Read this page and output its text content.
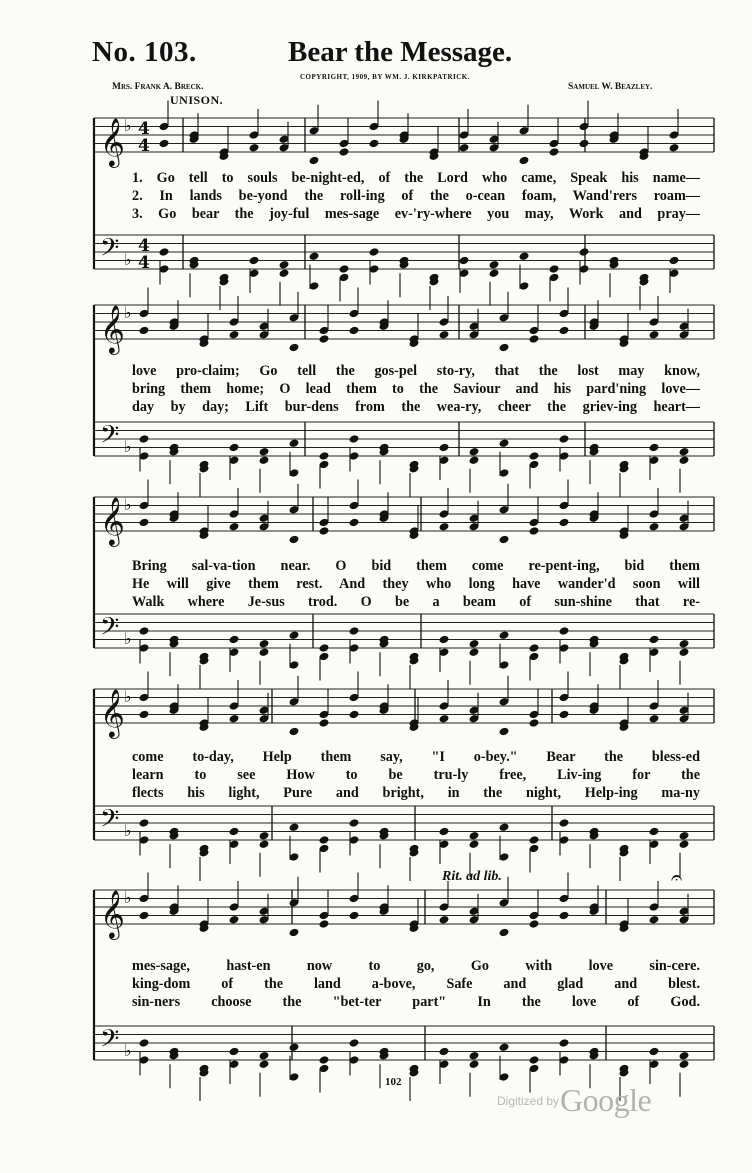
No. 103.	Bear the Message.
COPYRIGHT, 1909, BY WM. J. KIRKPATRICK.
Mrs. Frank A. Breck.	Samuel W. Beazley.
UNISON.
Rit. ad lib.
𝄞 ♭ 4
4
𝄢 ♭
4
4
𝄞 ♭
𝄢 ♭
𝄞 ♭
𝄢 ♭
𝄞 ♭
𝄢 ♭
𝄞 ♭
𝄢 ♭
𝄐
1. Go tell to souls be-night-ed, of the Lord who came, Speak his name—
2. In lands be-yond the roll-ing of the o-cean foam, Wand'rers roam—
3. Go bear the joy-ful mes-sage ev-'ry-where you may, Work and pray—
love pro-claim; Go tell the gos-pel sto-ry, that the lost may know,
bring them home; O lead them to the Saviour and his pard'ning love—
day by day; Lift bur-dens from the wea-ry, cheer the griev-ing heart—
Bring sal-va-tion near. O bid them come re-pent-ing, bid them
He will give them rest. And they who long have wander'd soon will
Walk where Je-sus trod. O be a beam of sun-shine that re-
come to-day, Help them say, "I o-bey." Bear the bless-ed
learn to see How to be tru-ly free, Liv-ing for the
flects his light, Pure and bright, in the night, Help-ing ma-ny
mes-sage, hast-en now to go, Go with love sin-cere.
king-dom of the land a-bove, Safe and glad and blest.
sin-ners choose the "bet-ter part" In the love of God.
102
Digitized by Google
